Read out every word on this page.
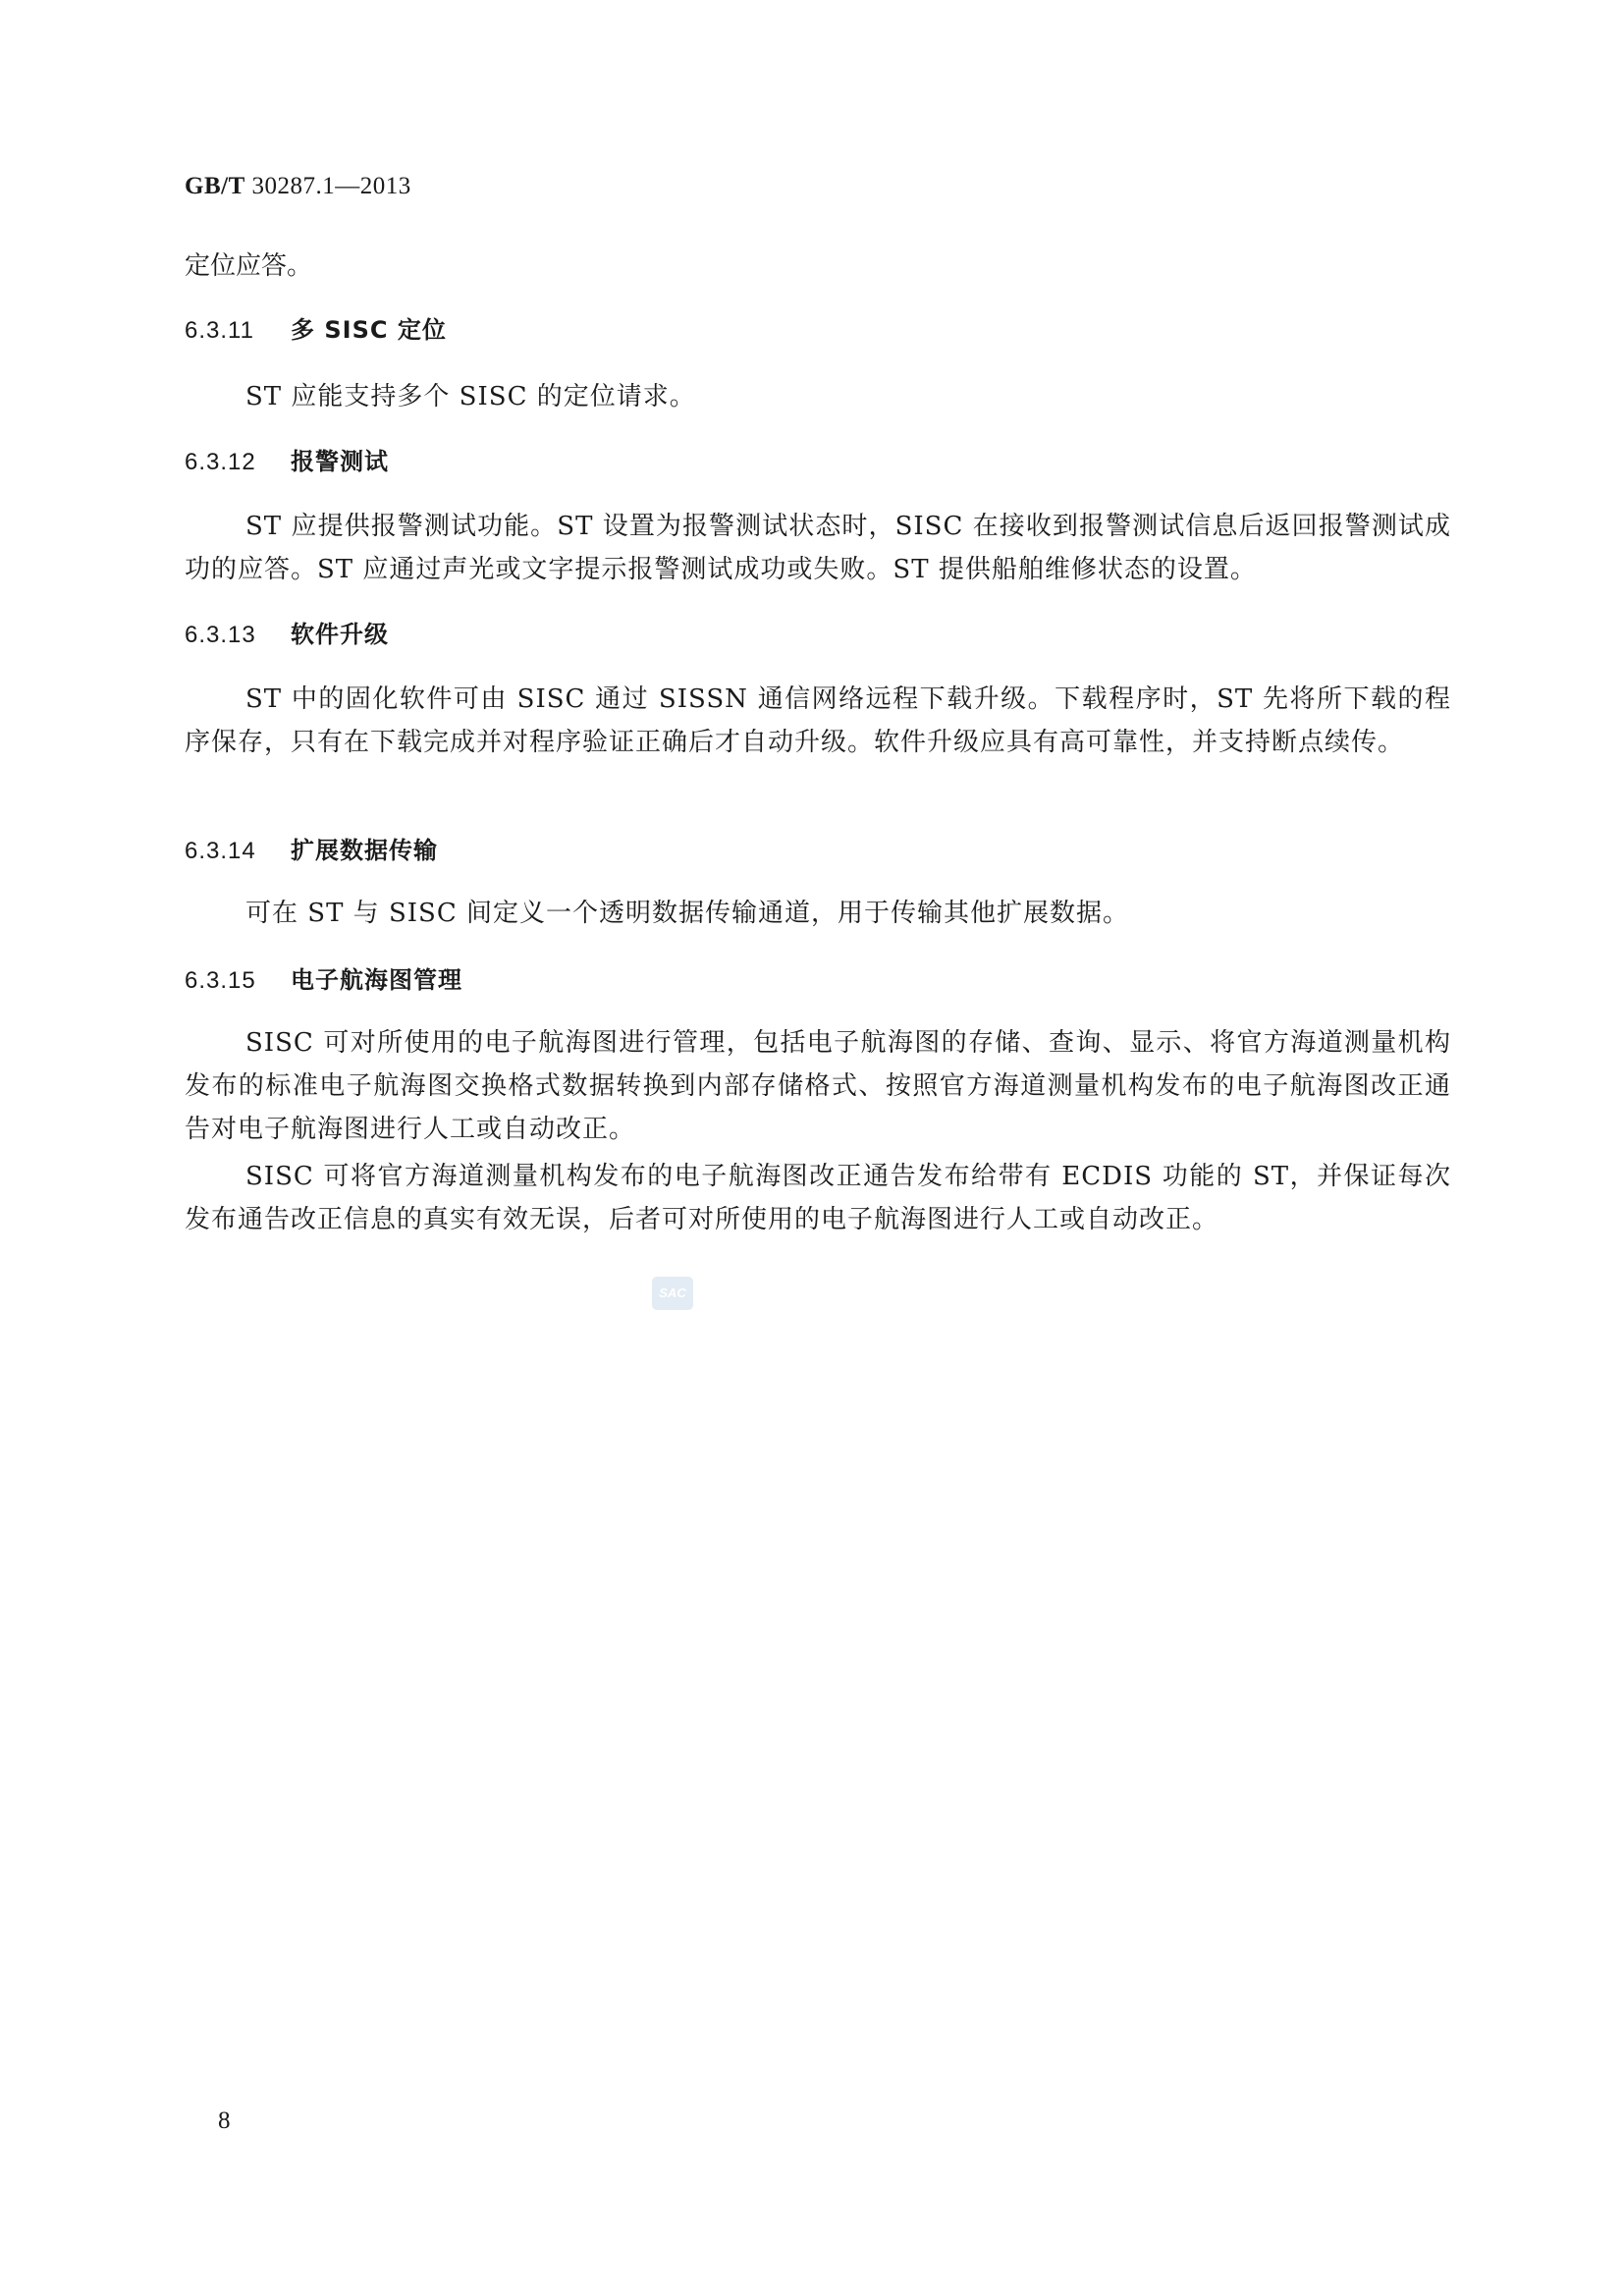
GB/T 30287.1—2013
定位应答。
6.3.11 多 SISC 定位
ST 应能支持多个 SISC 的定位请求。
6.3.12 报警测试
ST 应提供报警测试功能。ST 设置为报警测试状态时，SISC 在接收到报警测试信息后返回报警测试成功的应答。ST 应通过声光或文字提示报警测试成功或失败。ST 提供船舶维修状态的设置。
6.3.13 软件升级
ST 中的固化软件可由 SISC 通过 SISSN 通信网络远程下载升级。下载程序时，ST 先将所下载的程序保存，只有在下载完成并对程序验证正确后才自动升级。软件升级应具有高可靠性，并支持断点续传。
6.3.14 扩展数据传输
可在 ST 与 SISC 间定义一个透明数据传输通道，用于传输其他扩展数据。
6.3.15 电子航海图管理
SISC 可对所使用的电子航海图进行管理，包括电子航海图的存储、查询、显示、将官方海道测量机构发布的标准电子航海图交换格式数据转换到内部存储格式、按照官方海道测量机构发布的电子航海图改正通告对电子航海图进行人工或自动改正。
SISC 可将官方海道测量机构发布的电子航海图改正通告发布给带有 ECDIS 功能的 ST，并保证每次发布通告改正信息的真实有效无误，后者可对所使用的电子航海图进行人工或自动改正。
SAC
8
